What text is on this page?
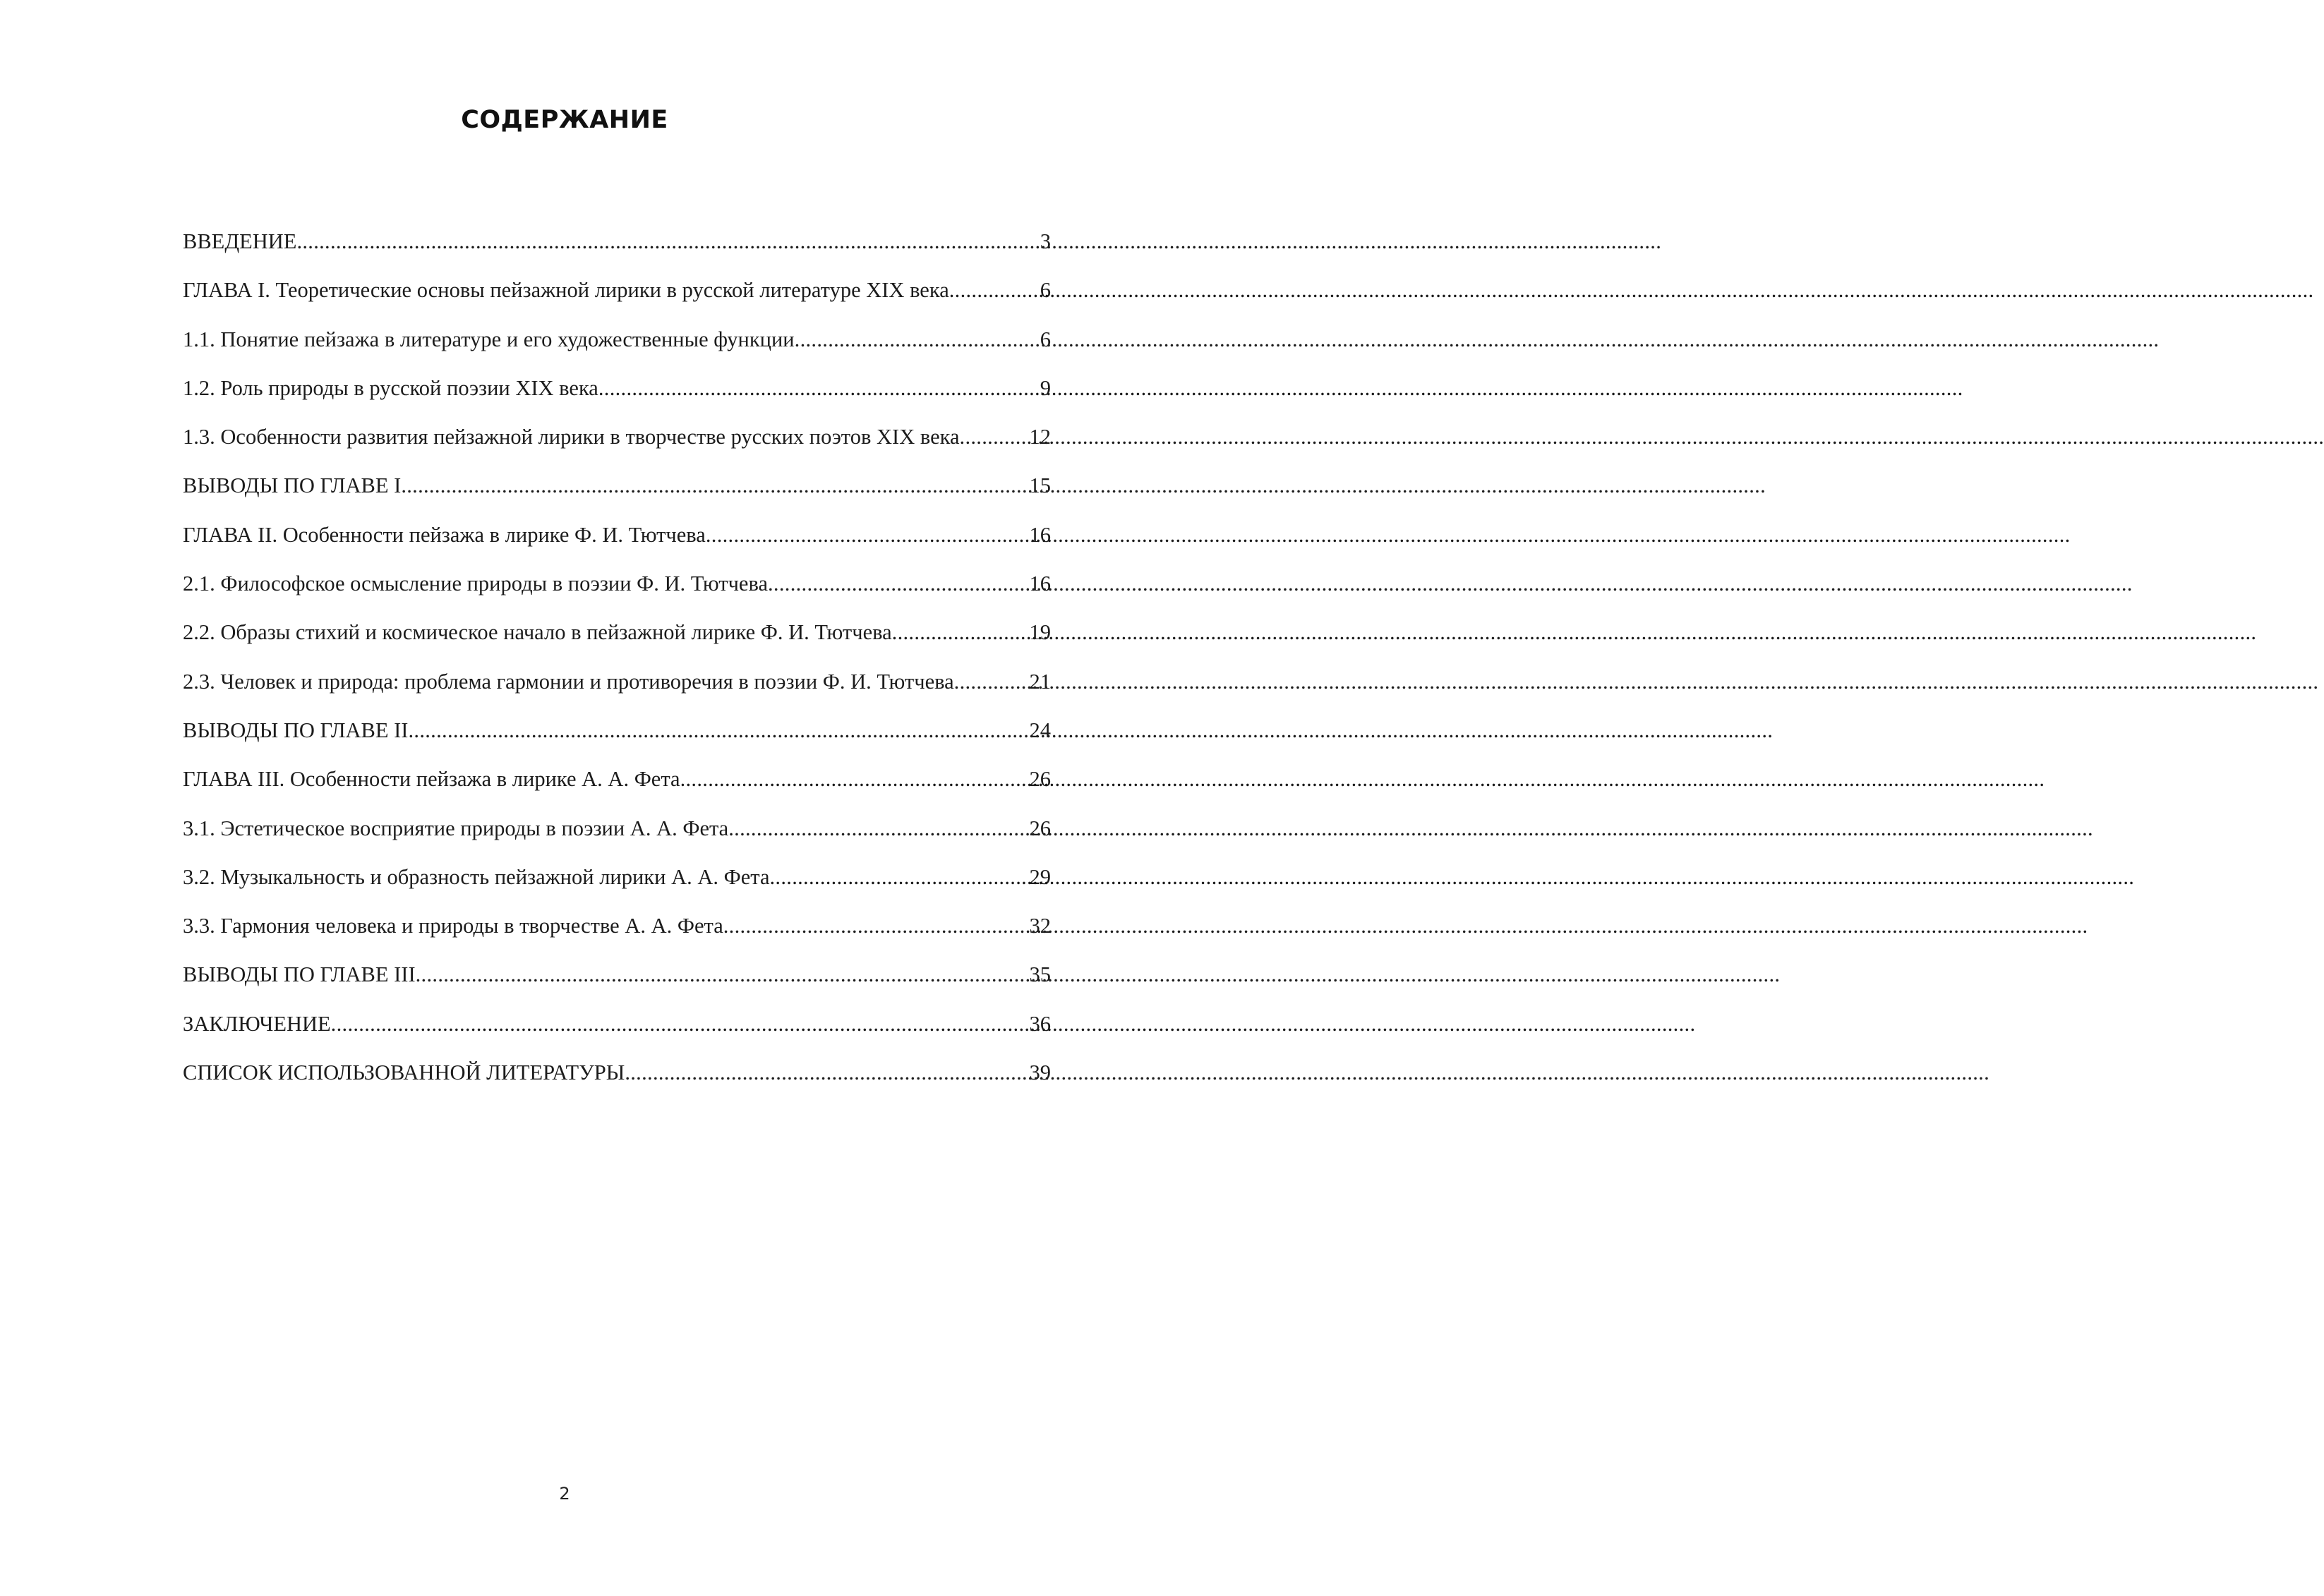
СОДЕРЖАНИЕ
ВВЕДЕНИЕ .....	3
ГЛАВА I. Теоретические основы пейзажной лирики в русской литературе XIX века .....	6
1.1. Понятие пейзажа в литературе и его художественные функции .....	6
1.2. Роль природы в русской поэзии XIX века .....	9
1.3. Особенности развития пейзажной лирики в творчестве русских поэтов XIX века .....	12
ВЫВОДЫ ПО ГЛАВЕ I .....	15
ГЛАВА II. Особенности пейзажа в лирике Ф. И. Тютчева .....	16
2.1. Философское осмысление природы в поэзии Ф. И. Тютчева .....	16
2.2. Образы стихий и космическое начало в пейзажной лирике Ф. И. Тютчева .....	19
2.3. Человек и природа: проблема гармонии и противоречия в поэзии Ф. И. Тютчева .....	21
ВЫВОДЫ ПО ГЛАВЕ II .....	24
ГЛАВА III. Особенности пейзажа в лирике А. А. Фета .....	26
3.1. Эстетическое восприятие природы в поэзии А. А. Фета .....	26
3.2. Музыкальность и образность пейзажной лирики А. А. Фета .....	29
3.3. Гармония человека и природы в творчестве А. А. Фета .....	32
ВЫВОДЫ ПО ГЛАВЕ III .....	35
ЗАКЛЮЧЕНИЕ .....	36
СПИСОК ИСПОЛЬЗОВАННОЙ ЛИТЕРАТУРЫ .....	39
2
